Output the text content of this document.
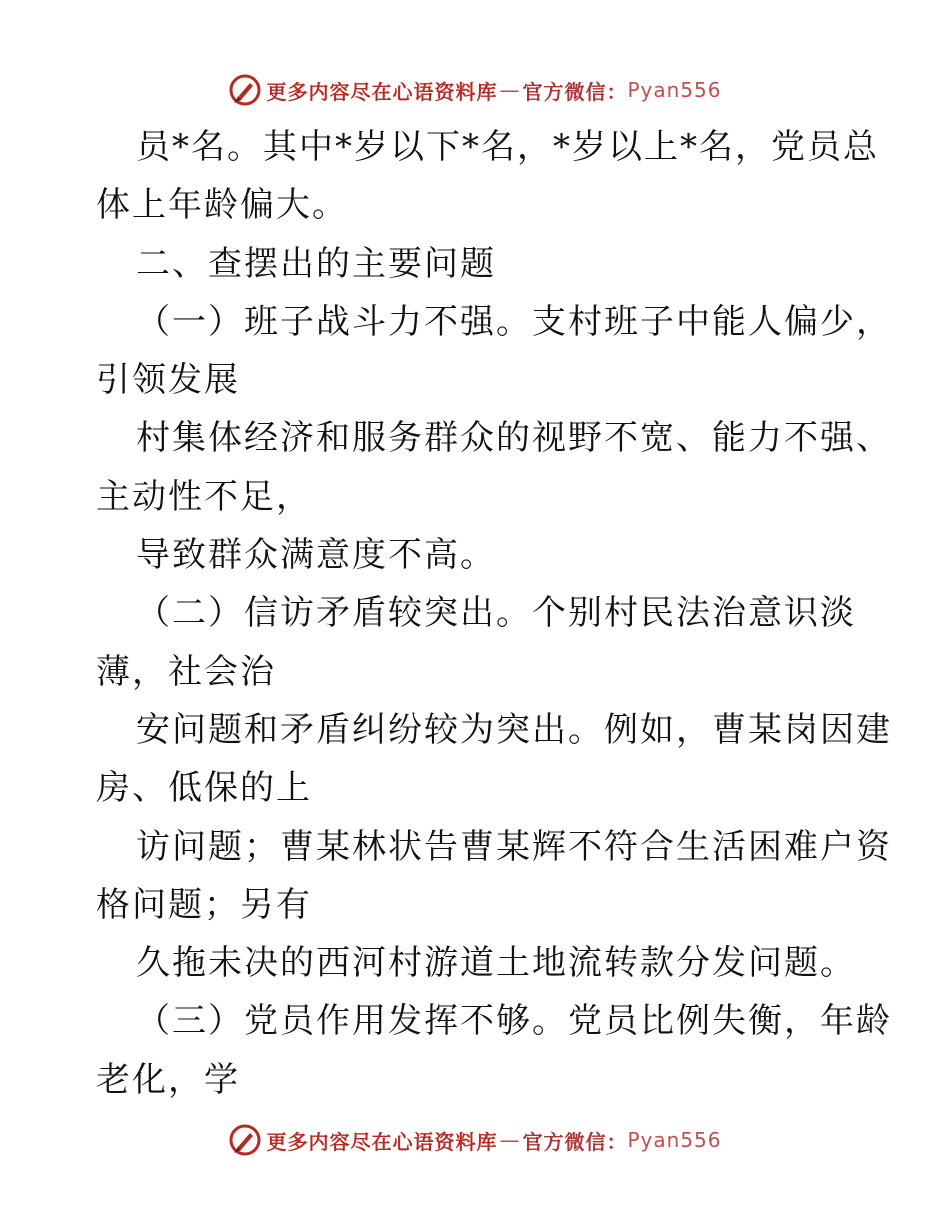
更多内容尽在心语资料库 — 官方微信： Pyan556
员*名。其中*岁以下*名，*岁以上*名，党员总
体上年龄偏大。
二、查摆出的主要问题
（一）班子战斗力不强。支村班子中能人偏少，
引领发展
村集体经济和服务群众的视野不宽、能力不强、
主动性不足，
导致群众满意度不高。
（二）信访矛盾较突出。个别村民法治意识淡
薄，社会治
安问题和矛盾纠纷较为突出。例如，曹某岗因建
房、低保的上
访问题；曹某林状告曹某辉不符合生活困难户资
格问题；另有
久拖未决的西河村游道土地流转款分发问题。
（三）党员作用发挥不够。党员比例失衡，年龄
老化，学
更多内容尽在心语资料库 — 官方微信： Pyan556
